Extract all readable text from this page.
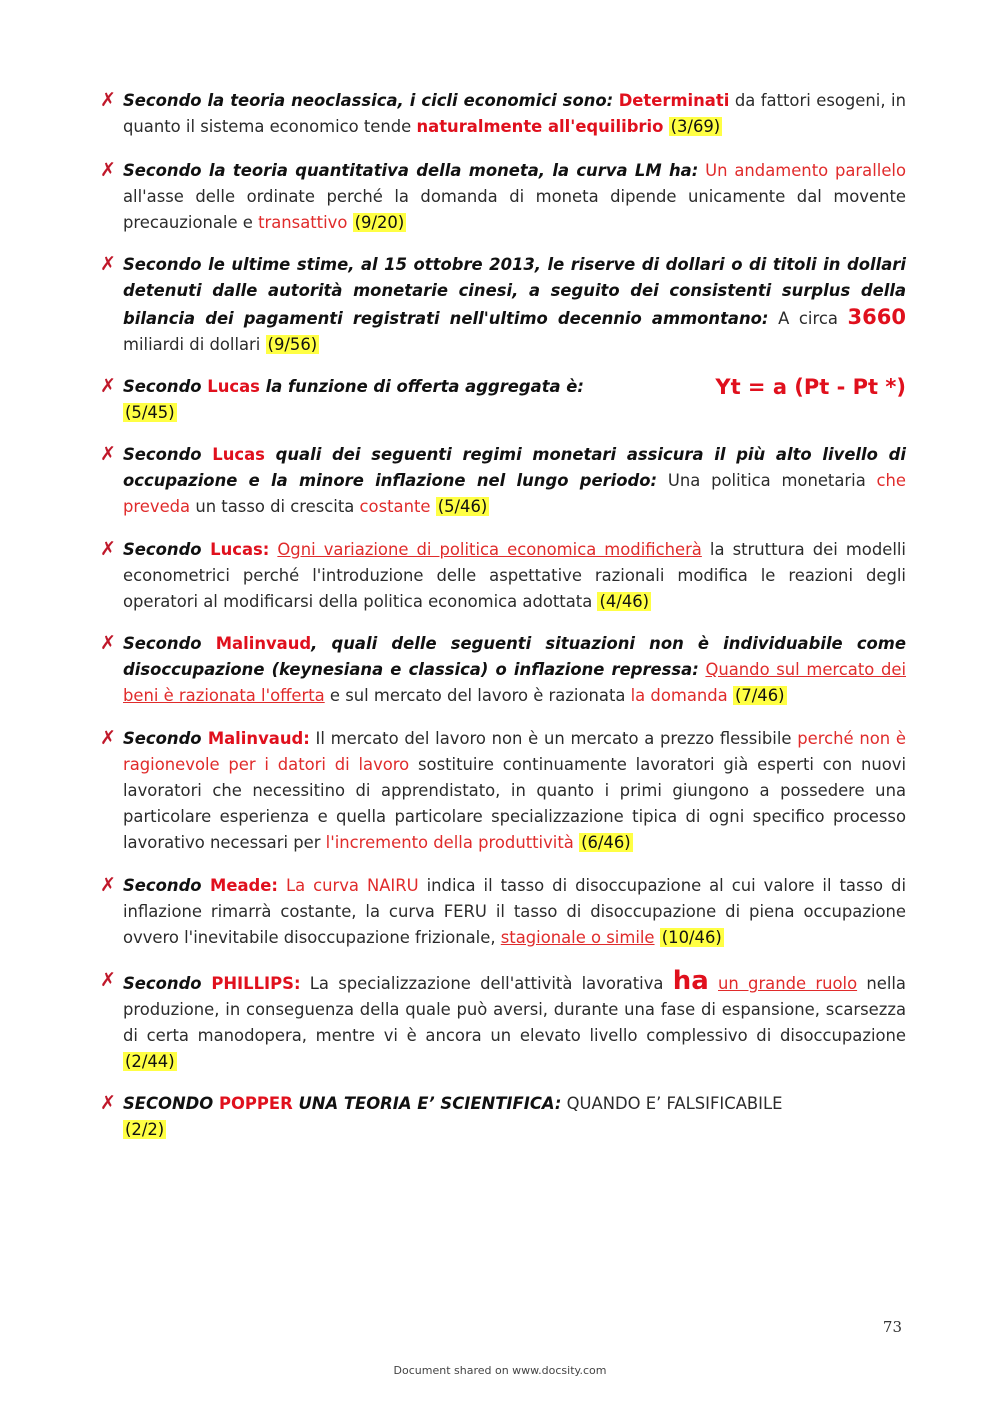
✗ Secondo la teoria neoclassica, i cicli economici sono: Determinati da fattori esogeni, in quanto il sistema economico tende naturalmente all'equilibrio (3/69)

✗ Secondo la teoria quantitativa della moneta, la curva LM ha: Un andamento parallelo all'asse delle ordinate perché la domanda di moneta dipende unicamente dal movente precauzionale e transattivo (9/20)

✗ Secondo le ultime stime, al 15 ottobre 2013, le riserve di dollari o di titoli in dollari detenuti dalle autorità monetarie cinesi, a seguito dei consistenti surplus della bilancia dei pagamenti registrati nell'ultimo decennio ammontano: A circa 3660 miliardi di dollari (9/56)

✗ Secondo Lucas la funzione di offerta aggregata è:	Yt = a (Pt - Pt *)

(5/45)

✗ Secondo Lucas quali dei seguenti regimi monetari assicura il più alto livello di occupazione e la minore inflazione nel lungo periodo: Una politica monetaria che preveda un tasso di crescita costante (5/46)

✗ Secondo Lucas: Ogni variazione di politica economica modificherà la struttura dei modelli econometrici perché l'introduzione delle aspettative razionali modifica le reazioni degli operatori al modificarsi della politica economica adottata (4/46)

✗ Secondo Malinvaud, quali delle seguenti situazioni non è individuabile come disoccupazione (keynesiana e classica) o inflazione repressa: Quando sul mercato dei beni è razionata l'offerta e sul mercato del lavoro è razionata la domanda (7/46)

✗ Secondo Malinvaud: Il mercato del lavoro non è un mercato a prezzo flessibile perché non è ragionevole per i datori di lavoro sostituire continuamente lavoratori già esperti con nuovi lavoratori che necessitino di apprendistato, in quanto i primi giungono a possedere una particolare esperienza e quella particolare specializzazione tipica di ogni specifico processo lavorativo necessari per l'incremento della produttività (6/46)

✗ Secondo Meade: La curva NAIRU indica il tasso di disoccupazione al cui valore il tasso di inflazione rimarrà costante, la curva FERU il tasso di disoccupazione di piena occupazione ovvero l'inevitabile disoccupazione frizionale, stagionale o simile (10/46)

✗ Secondo PHILLIPS: La specializzazione dell'attività lavorativa ha un grande ruolo nella produzione, in conseguenza della quale può aversi, durante una fase di espansione, scarsezza di certa manodopera, mentre vi è ancora un elevato livello complessivo di disoccupazione (2/44)

✗ SECONDO POPPER UNA TEORIA E’ SCIENTIFICA: QUANDO E’ FALSIFICABILE
(2/2)

73
Document shared on www.docsity.com
